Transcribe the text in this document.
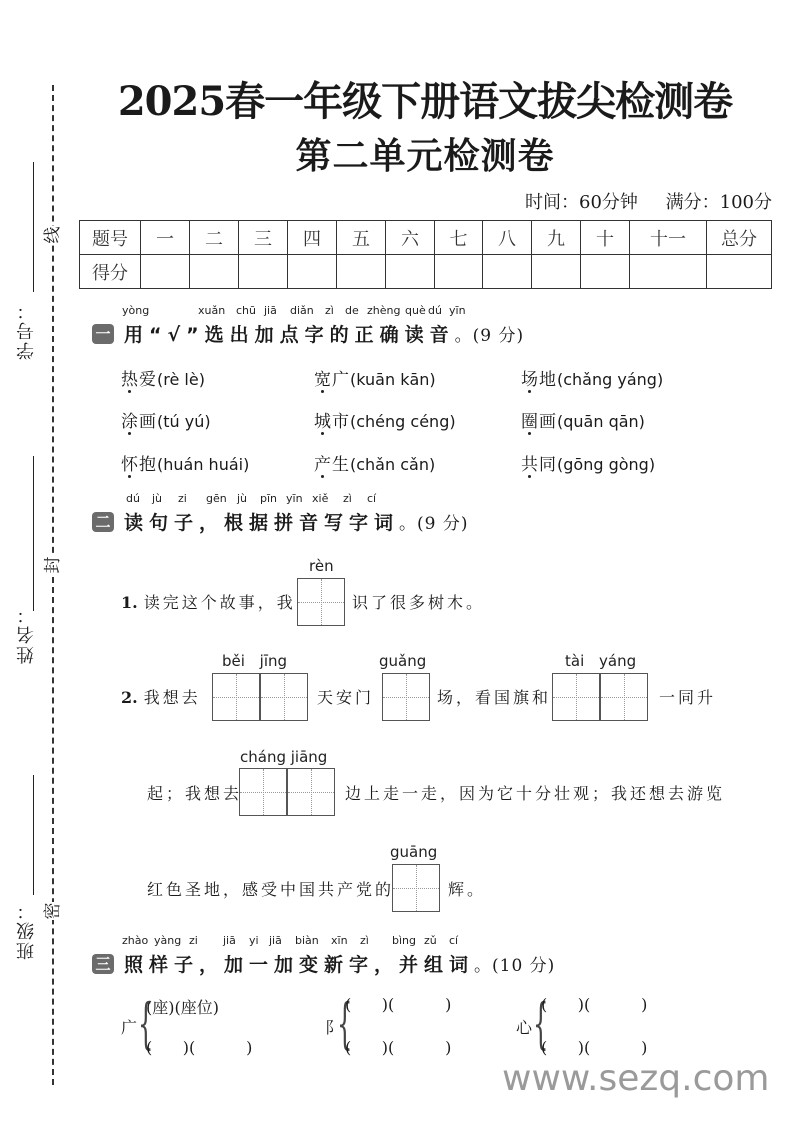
线
封
密
学号：
姓名：
班级：
2025春一年级下册语文拔尖检测卷
第二单元检测卷
时间：60分钟 满分：100分
题号	一	二	三	四	五	六	七	八	九	十	十一	总分
得分												
yòng	xuǎn chū jiā diǎn zì de zhèng què dú yīn
一 用“√”选出加点字的正确读音 。(9 分)
热爱(rè lè)	宽广(kuān kān)	场地(chǎng yáng)
涂画(tú yú)	城市(chéng céng)	圈画(quān qān)
怀抱(huán huái)	产生(chǎn cǎn)	共同(gōng gòng)
dú jù zi gēn jù pīn yīn xiě zì cí
二 读句子，根据拼音写字词 。(9 分)
1. 读完这个故事，我
rèn
识了很多树木。
2. 我想去
běi jīng
天安门
guǎng
场，看国旗和
tài yáng
一同升
起；我想去
cháng jiāng
边上走一走，因为它十分壮观；我还想去游览
红色圣地，感受中国共产党的
guāng
辉。
zhào yàng zi jiā yi jiā biàn xīn zì bìng zǔ cí
三 照样子，加一加变新字，并组词 。(10 分)
广 {
(座)(座位)
(      )(          )
阝
{
(      )(          )
(      )(          )
心 {
(      )(          )
(      )(          )
www.sezq.com
